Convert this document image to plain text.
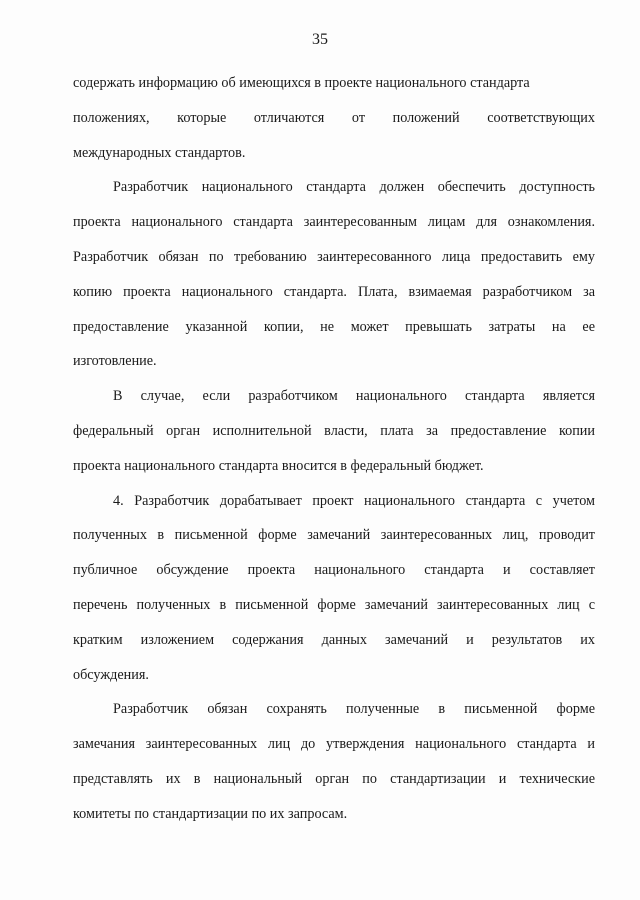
35
содержать информацию об имеющихся в проекте национального стандарта
положениях, которые отличаются от положений соответствующих
международных стандартов.
Разработчик национального стандарта должен обеспечить доступность
проекта национального стандарта заинтересованным лицам для ознакомления.
Разработчик обязан по требованию заинтересованного лица предоставить ему
копию проекта национального стандарта. Плата, взимаемая разработчиком за
предоставление указанной копии, не может превышать затраты на ее
изготовление.
В случае, если разработчиком национального стандарта является
федеральный орган исполнительной власти, плата за предоставление копии
проекта национального стандарта вносится в федеральный бюджет.
4. Разработчик дорабатывает проект национального стандарта с учетом
полученных в письменной форме замечаний заинтересованных лиц, проводит
публичное обсуждение проекта национального стандарта и составляет
перечень полученных в письменной форме замечаний заинтересованных лиц с
кратким изложением содержания данных замечаний и результатов их
обсуждения.
Разработчик обязан сохранять полученные в письменной форме
замечания заинтересованных лиц до утверждения национального стандарта и
представлять их в национальный орган по стандартизации и технические
комитеты по стандартизации по их запросам.
